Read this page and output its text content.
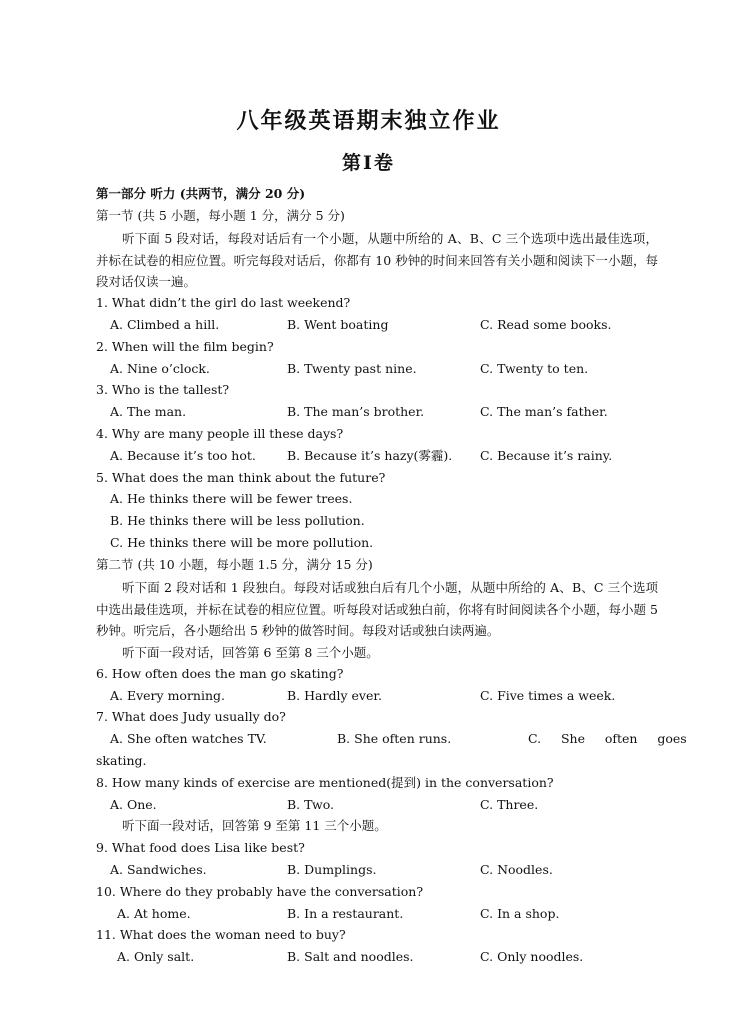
八年级英语期末独立作业
第Ⅰ卷
第一部分 听力 (共两节，满分 20 分)
第一节 (共 5 小题，每小题 1 分，满分 5 分)
听下面 5 段对话，每段对话后有一个小题，从题中所给的 A、B、C 三个选项中选出最佳选项，并标在试卷的相应位置。听完每段对话后，你都有 10 秒钟的时间来回答有关小题和阅读下一小题，每段对话仅读一遍。
1. What didn’t the girl do last weekend?
A. Climbed a hill.	B. Went boating	C. Read some books.
2. When will the film begin?
A. Nine o’clock.	B. Twenty past nine.	C. Twenty to ten.
3. Who is the tallest?
A. The man.	B. The man’s brother.	C. The man’s father.
4. Why are many people ill these days?
A. Because it’s too hot. B. Because it’s hazy(雾霾). C. Because it’s rainy.
5. What does the man think about the future?
A. He thinks there will be fewer trees.
B. He thinks there will be less pollution.
C. He thinks there will be more pollution.
第二节 (共 10 小题，每小题 1.5 分，满分 15 分)
听下面 2 段对话和 1 段独白。每段对话或独白后有几个小题，从题中所给的 A、B、C 三个选项中选出最佳选项，并标在试卷的相应位置。听每段对话或独白前，你将有时间阅读各个小题，每小题 5 秒钟。听完后，各小题给出 5 秒钟的做答时间。每段对话或独白读两遍。
听下面一段对话，回答第 6 至第 8 三个小题。
6. How often does the man go skating?
A. Every morning.	B. Hardly ever.	C. Five times a week.
7. What does Judy usually do?
A. She often watches TV.	B. She often runs.	C.     She     often     goes
skating.
8. How many kinds of exercise are mentioned(提到) in the conversation?
A. One.	B. Two.	C. Three.
听下面一段对话，回答第 9 至第 11 三个小题。
9. What food does Lisa like best?
A. Sandwiches.	B. Dumplings.	C. Noodles.
10. Where do they probably have the conversation?
A. At home.	B. In a restaurant.	C. In a shop.
11. What does the woman need to buy?
A. Only salt.	B. Salt and noodles.	C. Only noodles.
